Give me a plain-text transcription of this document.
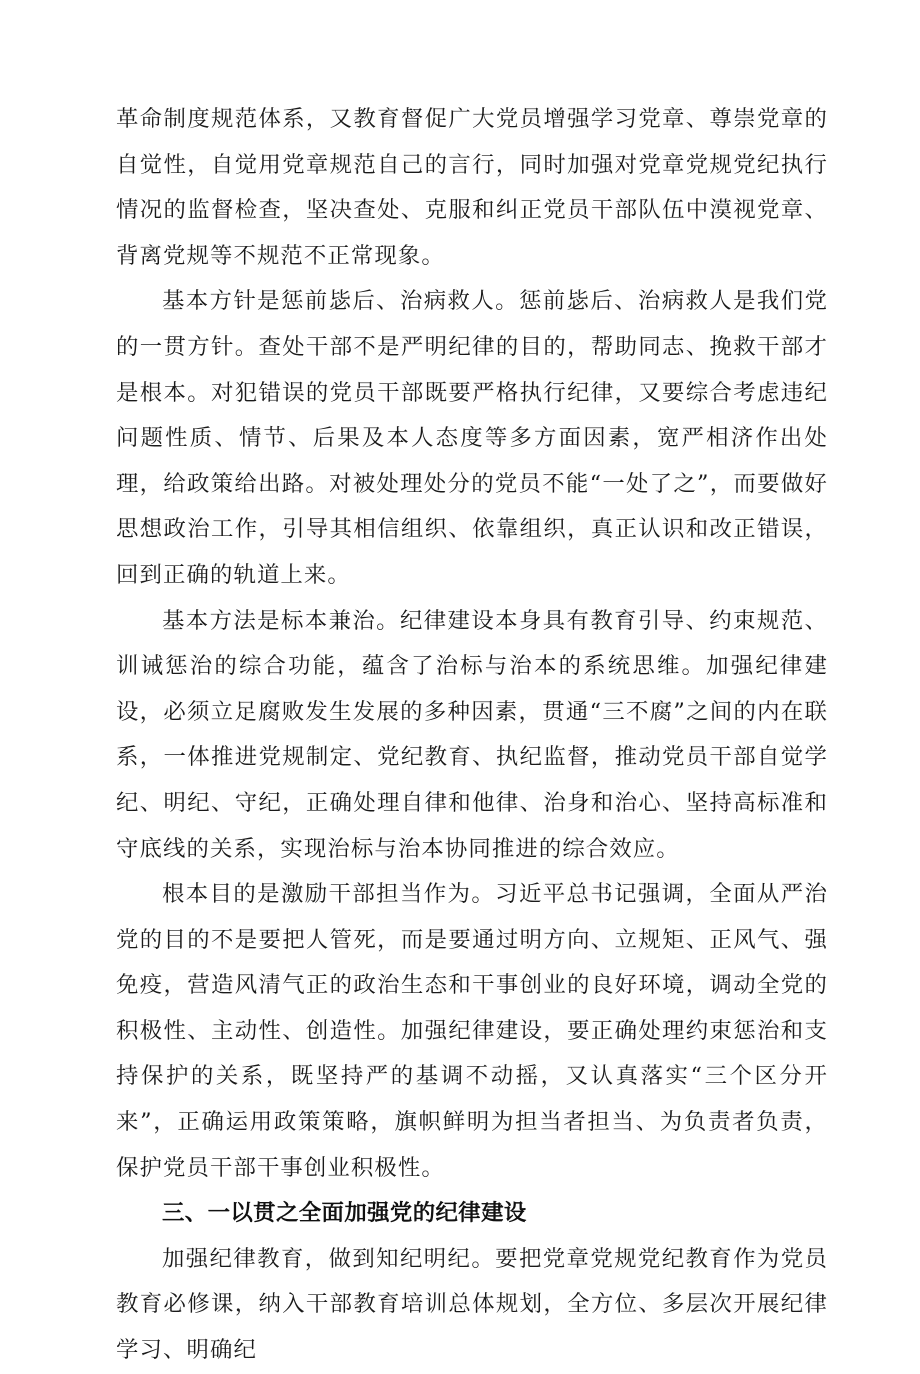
革命制度规范体系，又教育督促广大党员增强学习党章、尊崇党章的自觉性，自觉用党章规范自己的言行，同时加强对党章党规党纪执行情况的监督检查，坚决查处、克服和纠正党员干部队伍中漠视党章、背离党规等不规范不正常现象。

基本方针是惩前毖后、治病救人。惩前毖后、治病救人是我们党的一贯方针。查处干部不是严明纪律的目的，帮助同志、挽救干部才是根本。对犯错误的党员干部既要严格执行纪律，又要综合考虑违纪问题性质、情节、后果及本人态度等多方面因素，宽严相济作出处理，给政策给出路。对被处理处分的党员不能“一处了之”，而要做好思想政治工作，引导其相信组织、依靠组织，真正认识和改正错误，回到正确的轨道上来。

基本方法是标本兼治。纪律建设本身具有教育引导、约束规范、训诫惩治的综合功能，蕴含了治标与治本的系统思维。加强纪律建设，必须立足腐败发生发展的多种因素，贯通“三不腐”之间的内在联系，一体推进党规制定、党纪教育、执纪监督，推动党员干部自觉学纪、明纪、守纪，正确处理自律和他律、治身和治心、坚持高标准和守底线的关系，实现治标与治本协同推进的综合效应。

根本目的是激励干部担当作为。习近平总书记强调，全面从严治党的目的不是要把人管死，而是要通过明方向、立规矩、正风气、强免疫，营造风清气正的政治生态和干事创业的良好环境，调动全党的积极性、主动性、创造性。加强纪律建设，要正确处理约束惩治和支持保护的关系，既坚持严的基调不动摇，又认真落实“三个区分开来”，正确运用政策策略，旗帜鲜明为担当者担当、为负责者负责，保护党员干部干事创业积极性。

三、一以贯之全面加强党的纪律建设

加强纪律教育，做到知纪明纪。要把党章党规党纪教育作为党员教育必修课，纳入干部教育培训总体规划，全方位、多层次开展纪律学习、明确纪
